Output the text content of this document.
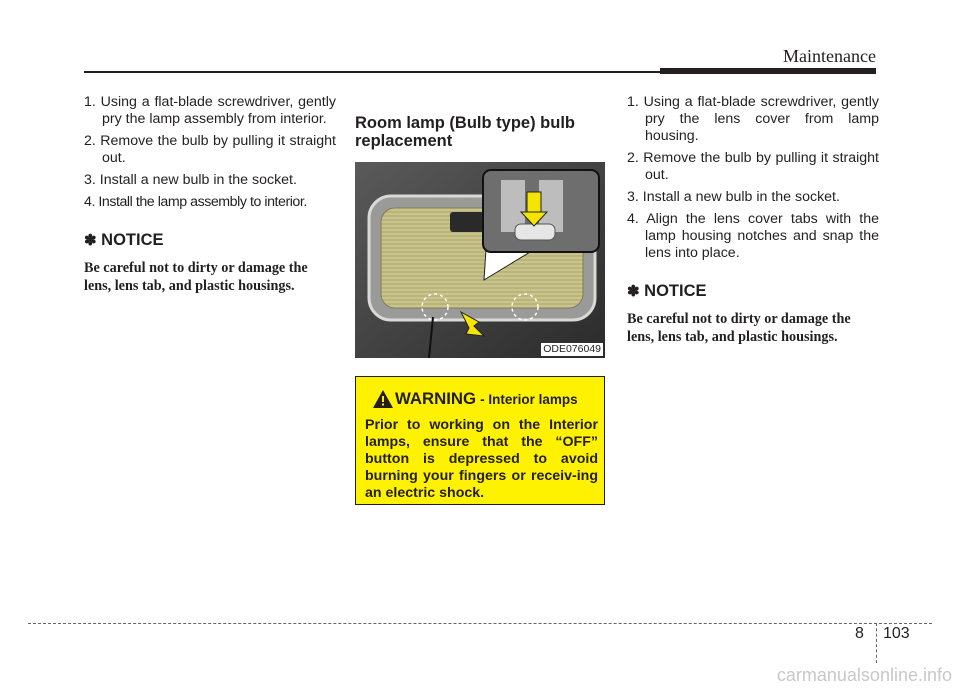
Maintenance
1. Using a flat-blade screwdriver, gently pry the lamp assembly from interior.
2. Remove the bulb by pulling it straight out.
3. Install a new bulb in the socket.
4. Install the lamp assembly to interior.
✽ NOTICE
Be careful not to dirty or damage the lens, lens tab, and plastic housings.
Room lamp (Bulb type) bulb replacement
ODE076049
WARNING - Interior lamps
Prior to working on the Interior lamps, ensure that the “OFF” button is depressed to avoid burning your fingers or receiv-ing an electric shock.
1. Using a flat-blade screwdriver, gently pry the lens cover from lamp housing.
2. Remove the bulb by pulling it straight out.
3. Install a new bulb in the socket.
4. Align the lens cover tabs with the lamp housing notches and snap the lens into place.
✽ NOTICE
Be careful not to dirty or damage the lens, lens tab, and plastic housings.
8 103
carmanualsonline.info
